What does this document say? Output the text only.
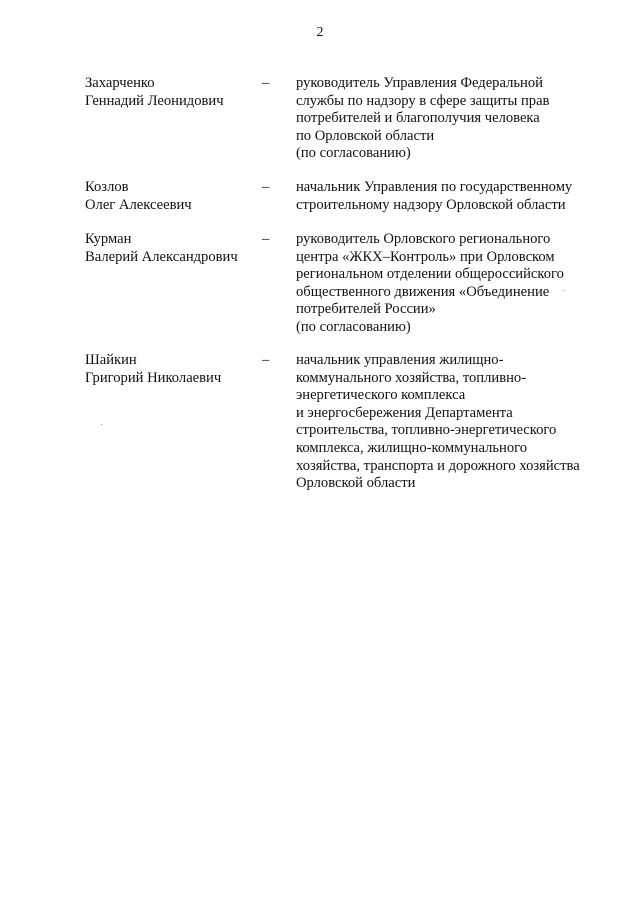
2
Захарченко
Геннадий Леонидович
– руководитель Управления Федеральной
службы по надзору в сфере защиты прав
потребителей и благополучия человека
по Орловской области
(по согласованию)
Козлов
Олег Алексеевич
– начальник Управления по государственному
строительному надзору Орловской области
Курман
Валерий Александрович
– руководитель Орловского регионального
центра «ЖКХ–Контроль» при Орловском
региональном отделении общероссийского
общественного движения «Объединение
потребителей России»
(по согласованию)
Шайкин
Григорий Николаевич
– начальник управления жилищно-
коммунального хозяйства, топливно-
энергетического комплекса
и энергосбережения Департамента
строительства, топливно-энергетического
комплекса, жилищно-коммунального
хозяйства, транспорта и дорожного хозяйства
Орловской области
